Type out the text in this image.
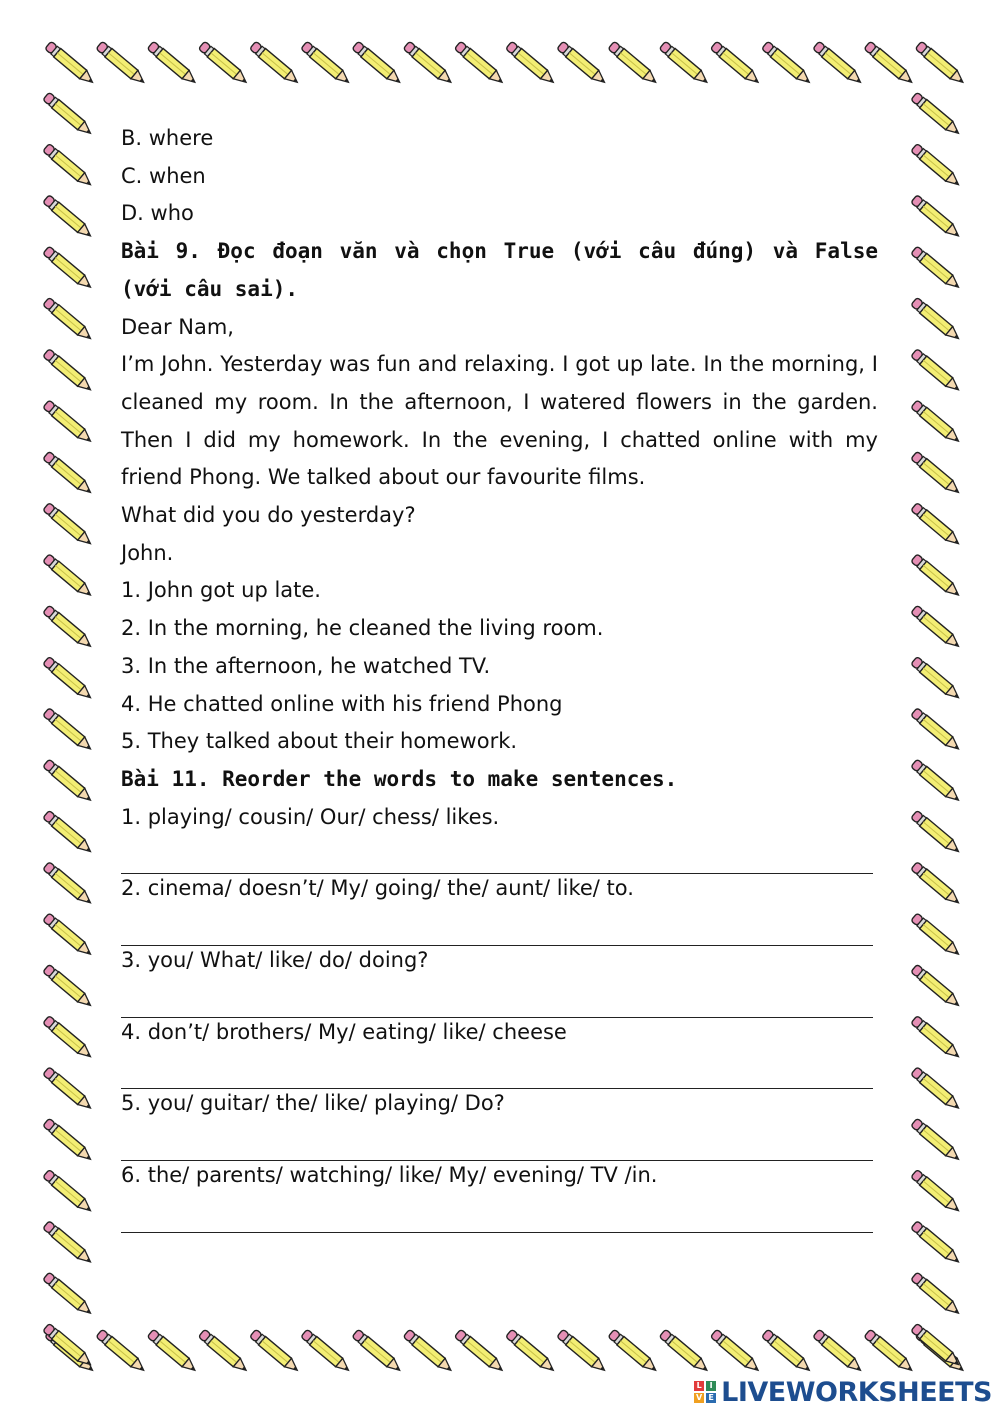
B. where

C. when

D. who

Bài 9. Đọc đoạn văn và chọn True (với câu đúng) và False (với câu sai).

Dear Nam,

I’m John. Yesterday was fun and relaxing. I got up late. In the morning, I cleaned my room. In the afternoon, I watered flowers in the garden. Then I did my homework. In the evening, I chatted online with my friend Phong. We talked about our favourite films.

What did you do yesterday?

John.

1. John got up late.

2. In the morning, he cleaned the living room.

3. In the afternoon, he watched TV.

4. He chatted online with his friend Phong

5. They talked about their homework.

Bài 11. Reorder the words to make sentences.

1. playing/ cousin/ Our/ chess/ likes.

2. cinema/ doesn’t/ My/ going/ the/ aunt/ like/ to.

3. you/ What/ like/ do/ doing?

4. don’t/ brothers/ My/ eating/ like/ cheese

5. you/ guitar/ the/ like/ playing/ Do?

6. the/ parents/ watching/ like/ My/ evening/ TV /in.

L I
V E LIVEWORKSHEETS
